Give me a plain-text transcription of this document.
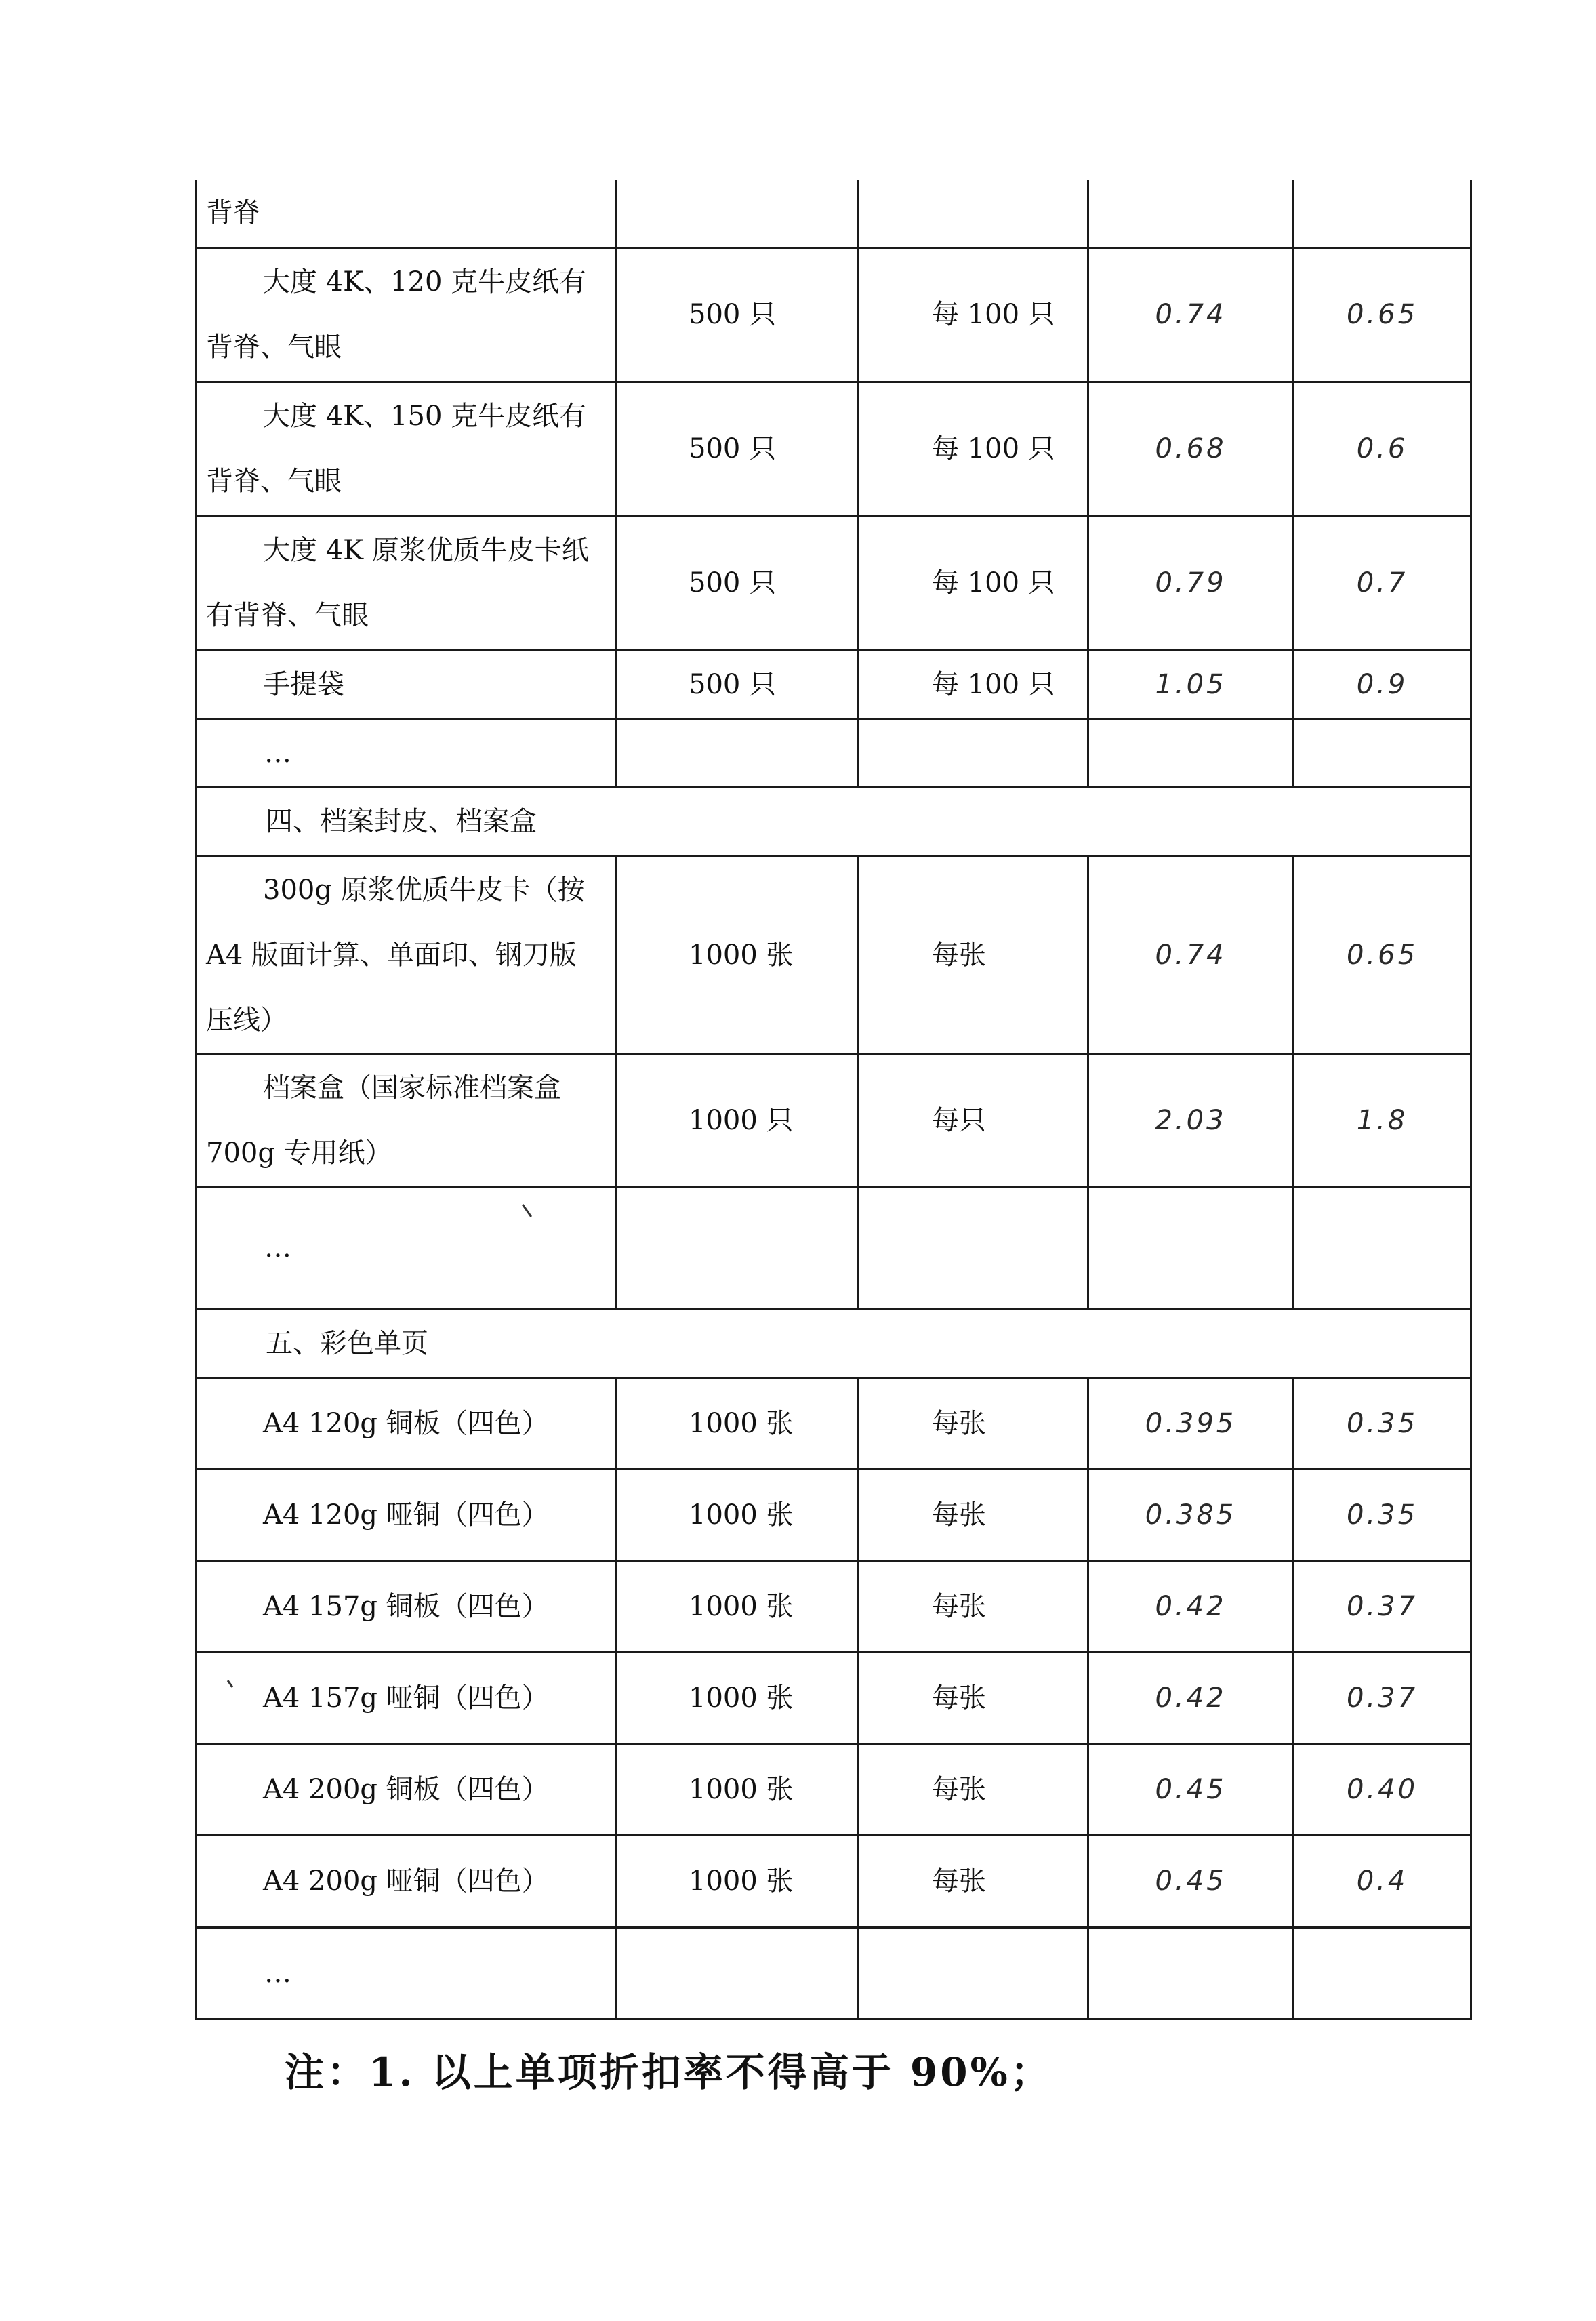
背脊				

大度 4K、120 克牛皮纸有
背脊、气眼	500 只	每 100 只	0.74	0.65

大度 4K、150 克牛皮纸有
背脊、气眼	500 只	每 100 只	0.68	0.6

大度 4K 原浆优质牛皮卡纸
有背脊、气眼	500 只	每 100 只	0.79	0.7

手提袋	500 只	每 100 只	1.05	0.9
…				
四、档案封皮、档案盒				

300g 原浆优质牛皮卡（按
A4 版面计算、单面印、钢刀版
压线）	1000 张	每张	0.74	0.65

档案盒（国家标准档案盒
700g 专用纸）	1000 只	每只	2.03	1.8
…				
五、彩色单页				

A4 120g 铜板（四色）	1000 张	每张	0.395	0.35

A4 120g 哑铜（四色）	1000 张	每张	0.385	0.35

A4 157g 铜板（四色）	1000 张	每张	0.42	0.37

A4 157g 哑铜（四色）	1000 张	每张	0.42	0.37

A4 200g 铜板（四色）	1000 张	每张	0.45	0.40

A4 200g 哑铜（四色）	1000 张	每张	0.45	0.4
…				
注：1. 以上单项折扣率不得高于 90%；
